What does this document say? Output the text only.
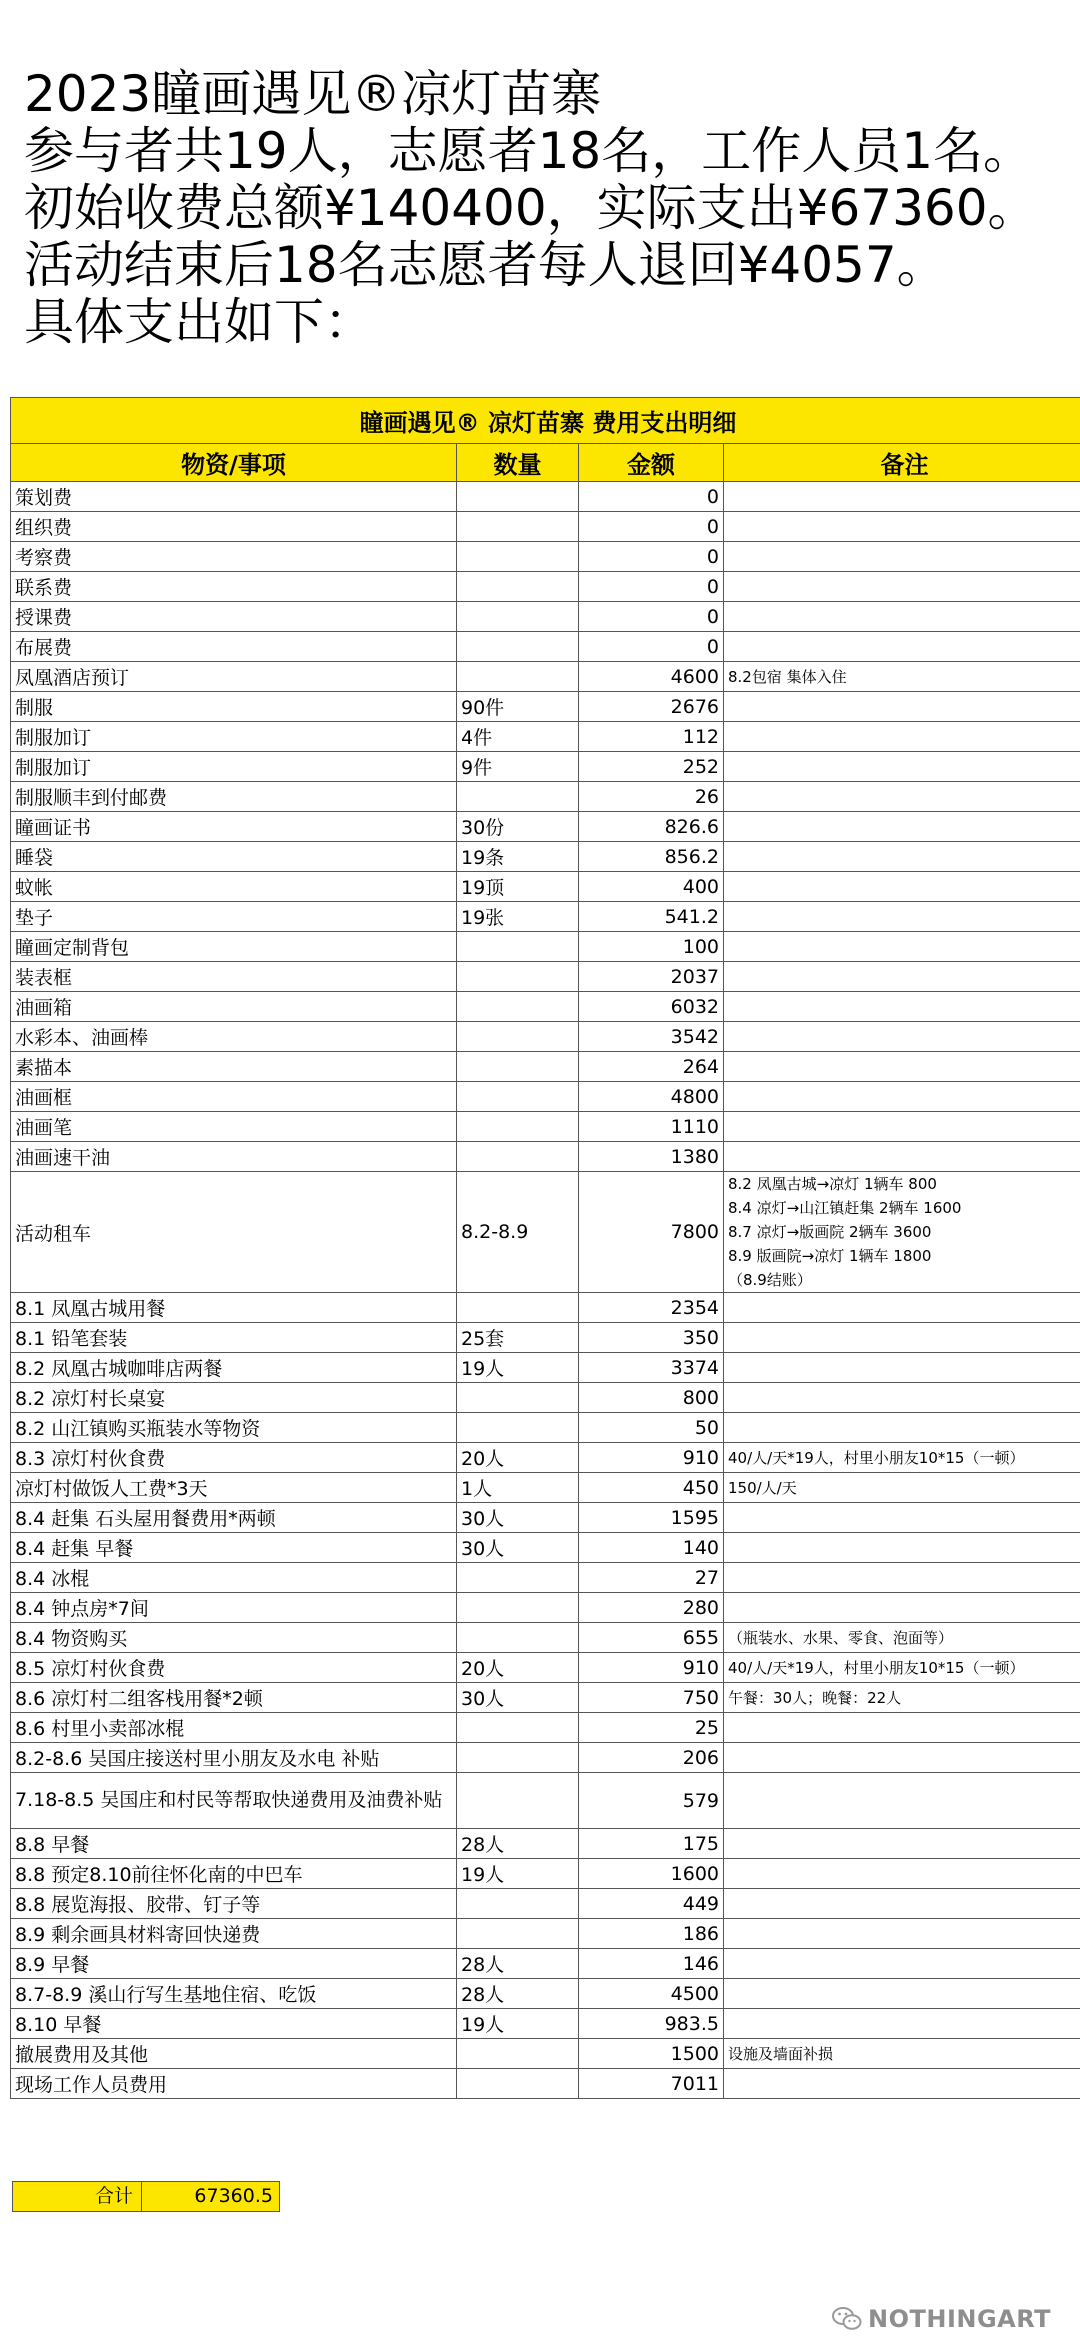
2023瞳画遇见®凉灯苗寨
参与者共19人，志愿者18名，工作人员1名。
初始收费总额¥140400，实际支出¥67360。
活动结束后18名志愿者每人退回¥4057。
具体支出如下：
瞳画遇见® 凉灯苗寨 费用支出明细			
物资/事项	数量	金额	备注
策划费		0	
组织费		0	
考察费		0	
联系费		0	
授课费		0	
布展费		0	
凤凰酒店预订		4600	8.2包宿 集体入住
制服	90件	2676	
制服加订	4件	112	
制服加订	9件	252	
制服顺丰到付邮费		26	
瞳画证书	30份	826.6	
睡袋	19条	856.2	
蚊帐	19顶	400	
垫子	19张	541.2	
瞳画定制背包		100	
装表框		2037	
油画箱		6032	
水彩本、油画棒		3542	
素描本		264	
油画框		4800	
油画笔		1110	
油画速干油		1380	
活动租车	8.2-8.9	7800	8.2 凤凰古城→凉灯 1辆车 800
8.4 凉灯→山江镇赶集 2辆车 1600
8.7 凉灯→版画院 2辆车 3600
8.9 版画院→凉灯 1辆车 1800
（8.9结账）

8.1 凤凰古城用餐		2354	
8.1 铅笔套装	25套	350	
8.2 凤凰古城咖啡店两餐	19人	3374	
8.2 凉灯村长桌宴		800	
8.2 山江镇购买瓶装水等物资		50	
8.3 凉灯村伙食费	20人	910	40/人/天*19人，村里小朋友10*15（一顿）
凉灯村做饭人工费*3天	1人	450	150/人/天
8.4 赶集 石头屋用餐费用*两顿	30人	1595	
8.4 赶集 早餐	30人	140	
8.4 冰棍		27	
8.4 钟点房*7间		280	
8.4 物资购买		655	（瓶装水、水果、零食、泡面等）
8.5 凉灯村伙食费	20人	910	40/人/天*19人，村里小朋友10*15（一顿）
8.6 凉灯村二组客栈用餐*2顿	30人	750	午餐：30人；晚餐：22人
8.6 村里小卖部冰棍		25	
8.2-8.6 吴国庄接送村里小朋友及水电 补贴		206	
7.18-8.5 吴国庄和村民等帮取快递费用及油费补贴		579	
8.8 早餐	28人	175	
8.8 预定8.10前往怀化南的中巴车	19人	1600	
8.8 展览海报、胶带、钉子等		449	
8.9 剩余画具材料寄回快递费		186	
8.9 早餐	28人	146	
8.7-8.9 溪山行写生基地住宿、吃饭	28人	4500	
8.10 早餐	19人	983.5	
撤展费用及其他		1500	设施及墙面补损
现场工作人员费用		7011	
合计	67360.5
NOTHINGART
